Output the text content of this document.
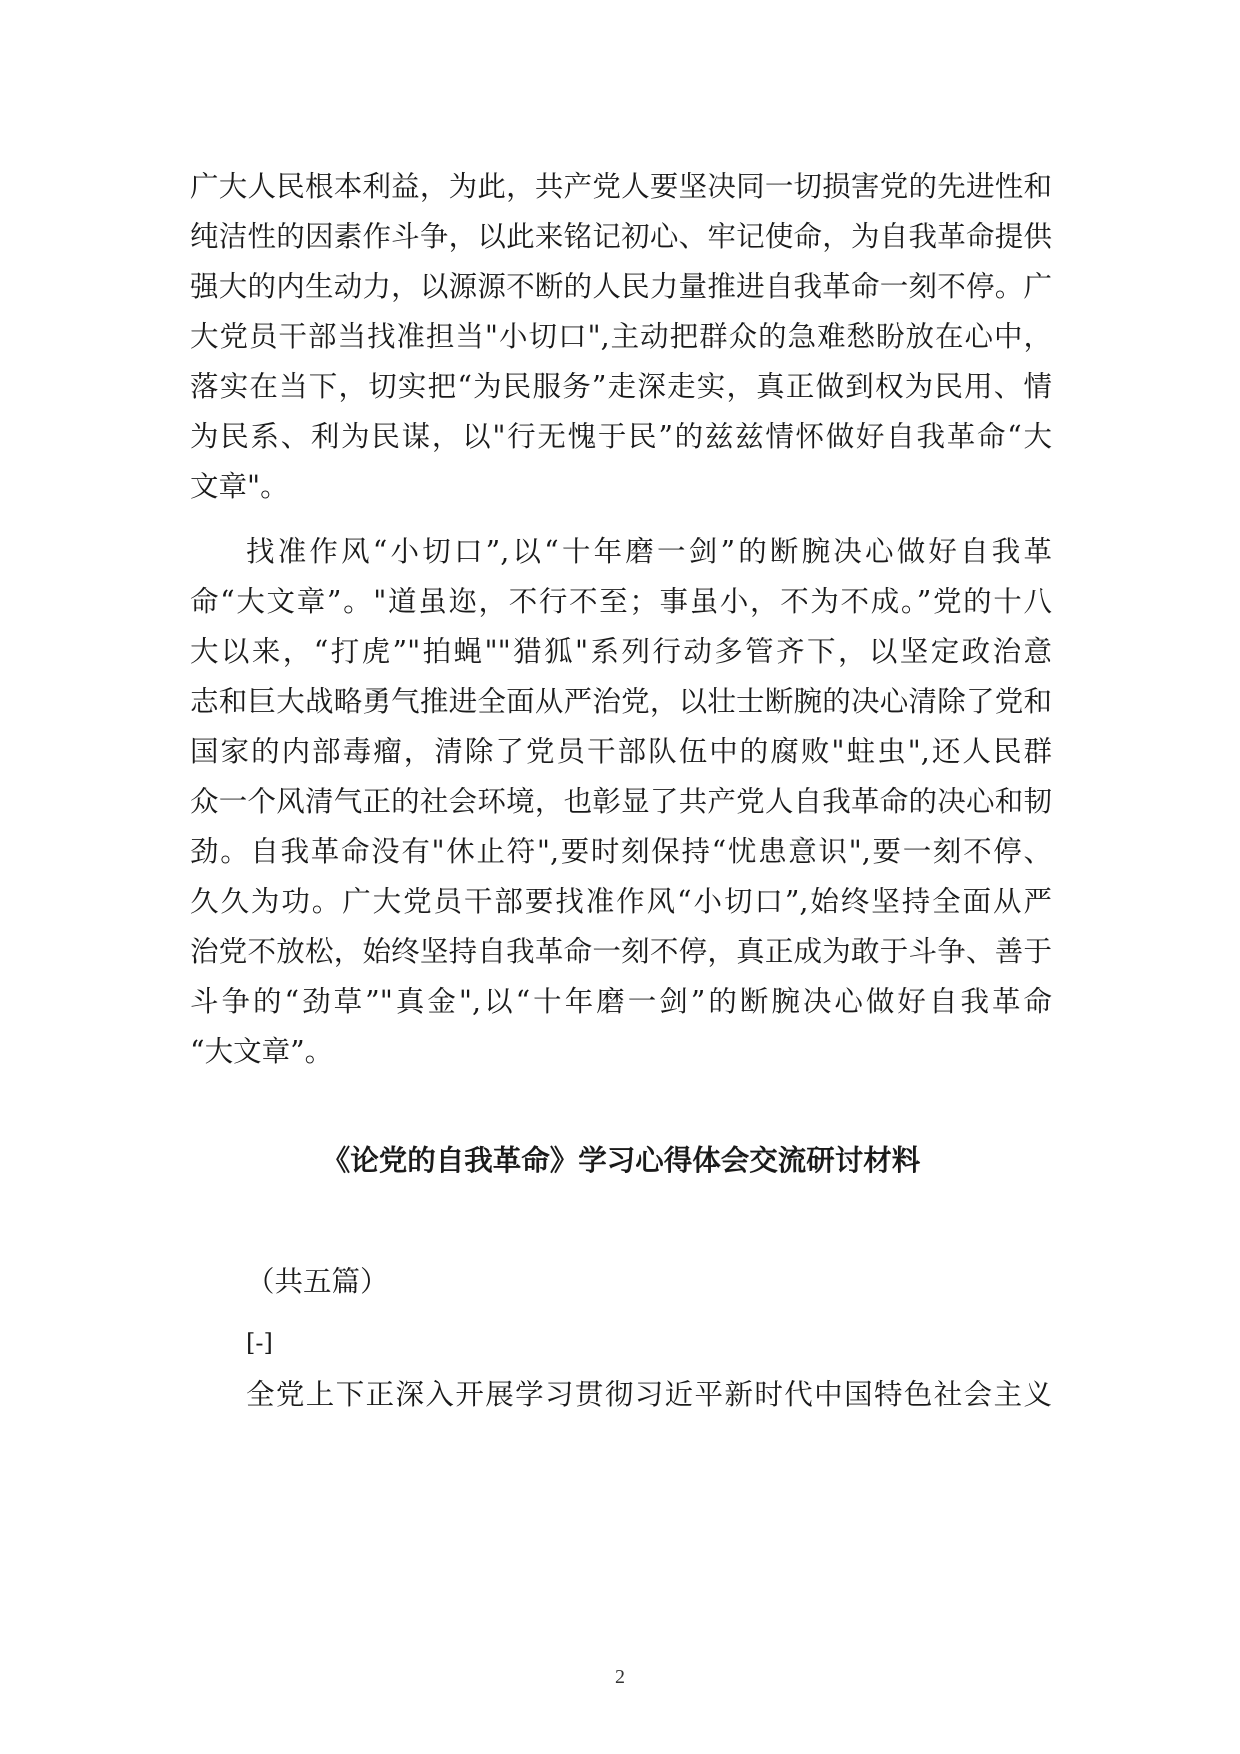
广大人民根本利益，为此，共产党人要坚决同一切损害党的先进性和
纯洁性的因素作斗争，以此来铭记初心、牢记使命，为自我革命提供
强大的内生动力，以源源不断的人民力量推进自我革命一刻不停。广
大党员干部当找准担当"小切口",主动把群众的急难愁盼放在心中，
落实在当下，切实把“为民服务”走深走实，真正做到权为民用、情
为民系、利为民谋，以"行无愧于民”的兹兹情怀做好自我革命“大
文章"。
找准作风“小切口”,以“十年磨一剑”的断腕决心做好自我革
命“大文章”。"道虽迩，不行不至；事虽小，不为不成。”党的十八
大以来，“打虎”"拍蝇""猎狐"系列行动多管齐下，以坚定政治意
志和巨大战略勇气推进全面从严治党，以壮士断腕的决心清除了党和
国家的内部毒瘤，清除了党员干部队伍中的腐败"蛀虫",还人民群
众一个风清气正的社会环境，也彰显了共产党人自我革命的决心和韧
劲。自我革命没有"休止符",要时刻保持“忧患意识",要一刻不停、
久久为功。广大党员干部要找准作风“小切口”,始终坚持全面从严
治党不放松，始终坚持自我革命一刻不停，真正成为敢于斗争、善于
斗争的“劲草”"真金",以“十年磨一剑”的断腕决心做好自我革命
“大文章”。
《论党的自我革命》学习心得体会交流研讨材料
（共五篇）
[-]
全党上下正深入开展学习贯彻习近平新时代中国特色社会主义
2
